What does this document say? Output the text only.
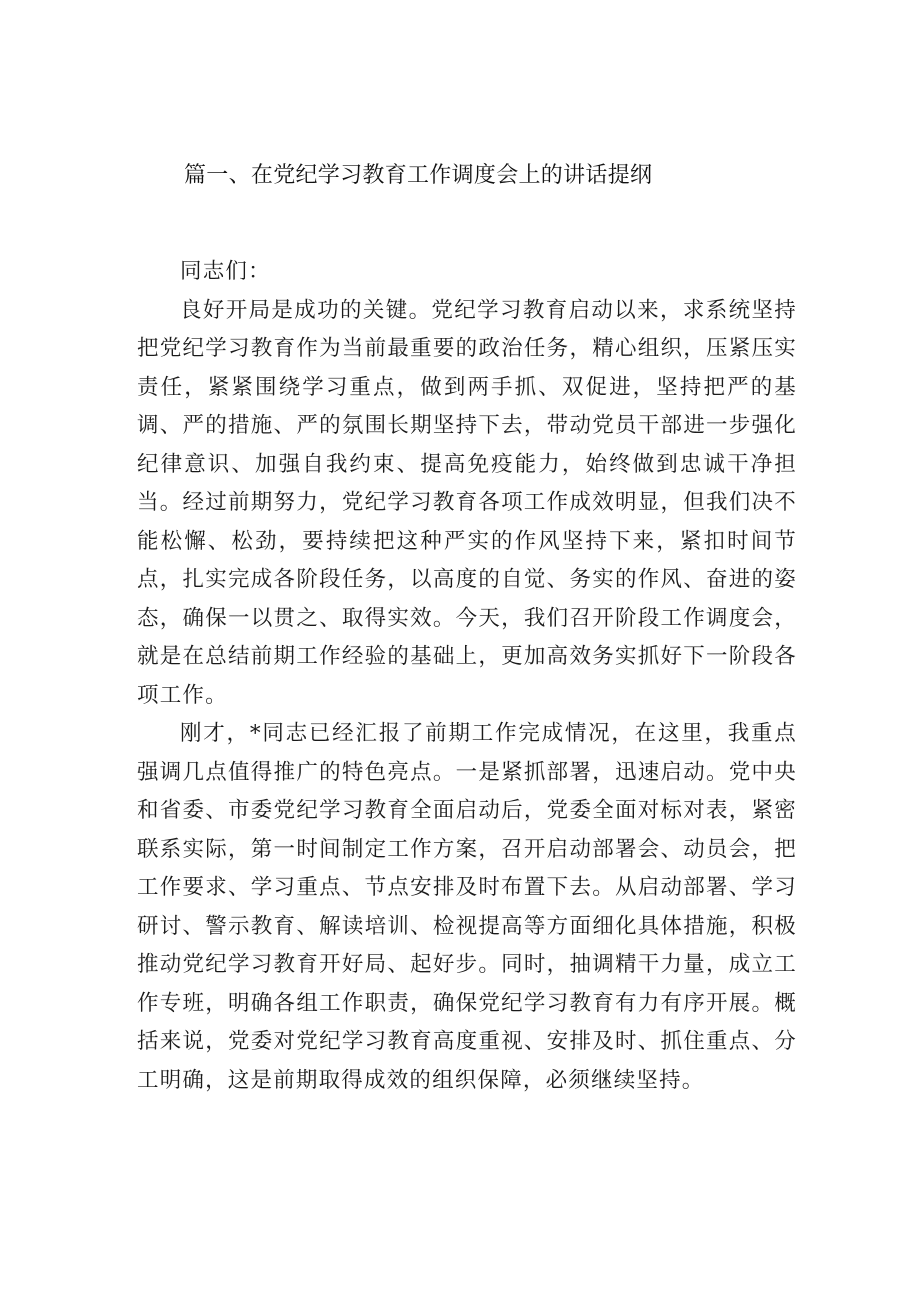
篇一、在党纪学习教育工作调度会上的讲话提纲

同志们：

良好开局是成功的关键。党纪学习教育启动以来，求系统坚持把党纪学习教育作为当前最重要的政治任务，精心组织，压紧压实责任，紧紧围绕学习重点，做到两手抓、双促进，坚持把严的基调、严的措施、严的氛围长期坚持下去，带动党员干部进一步强化纪律意识、加强自我约束、提高免疫能力，始终做到忠诚干净担当。经过前期努力，党纪学习教育各项工作成效明显，但我们决不能松懈、松劲，要持续把这种严实的作风坚持下来，紧扣时间节点，扎实完成各阶段任务，以高度的自觉、务实的作风、奋进的姿态，确保一以贯之、取得实效。今天，我们召开阶段工作调度会，就是在总结前期工作经验的基础上，更加高效务实抓好下一阶段各项工作。

刚才，*同志已经汇报了前期工作完成情况，在这里，我重点强调几点值得推广的特色亮点。一是紧抓部署，迅速启动。党中央和省委、市委党纪学习教育全面启动后，党委全面对标对表，紧密联系实际，第一时间制定工作方案，召开启动部署会、动员会，把工作要求、学习重点、节点安排及时布置下去。从启动部署、学习研讨、警示教育、解读培训、检视提高等方面细化具体措施，积极推动党纪学习教育开好局、起好步。同时，抽调精干力量，成立工作专班，明确各组工作职责，确保党纪学习教育有力有序开展。概括来说，党委对党纪学习教育高度重视、安排及时、抓住重点、分工明确，这是前期取得成效的组织保障，必须继续坚持。
